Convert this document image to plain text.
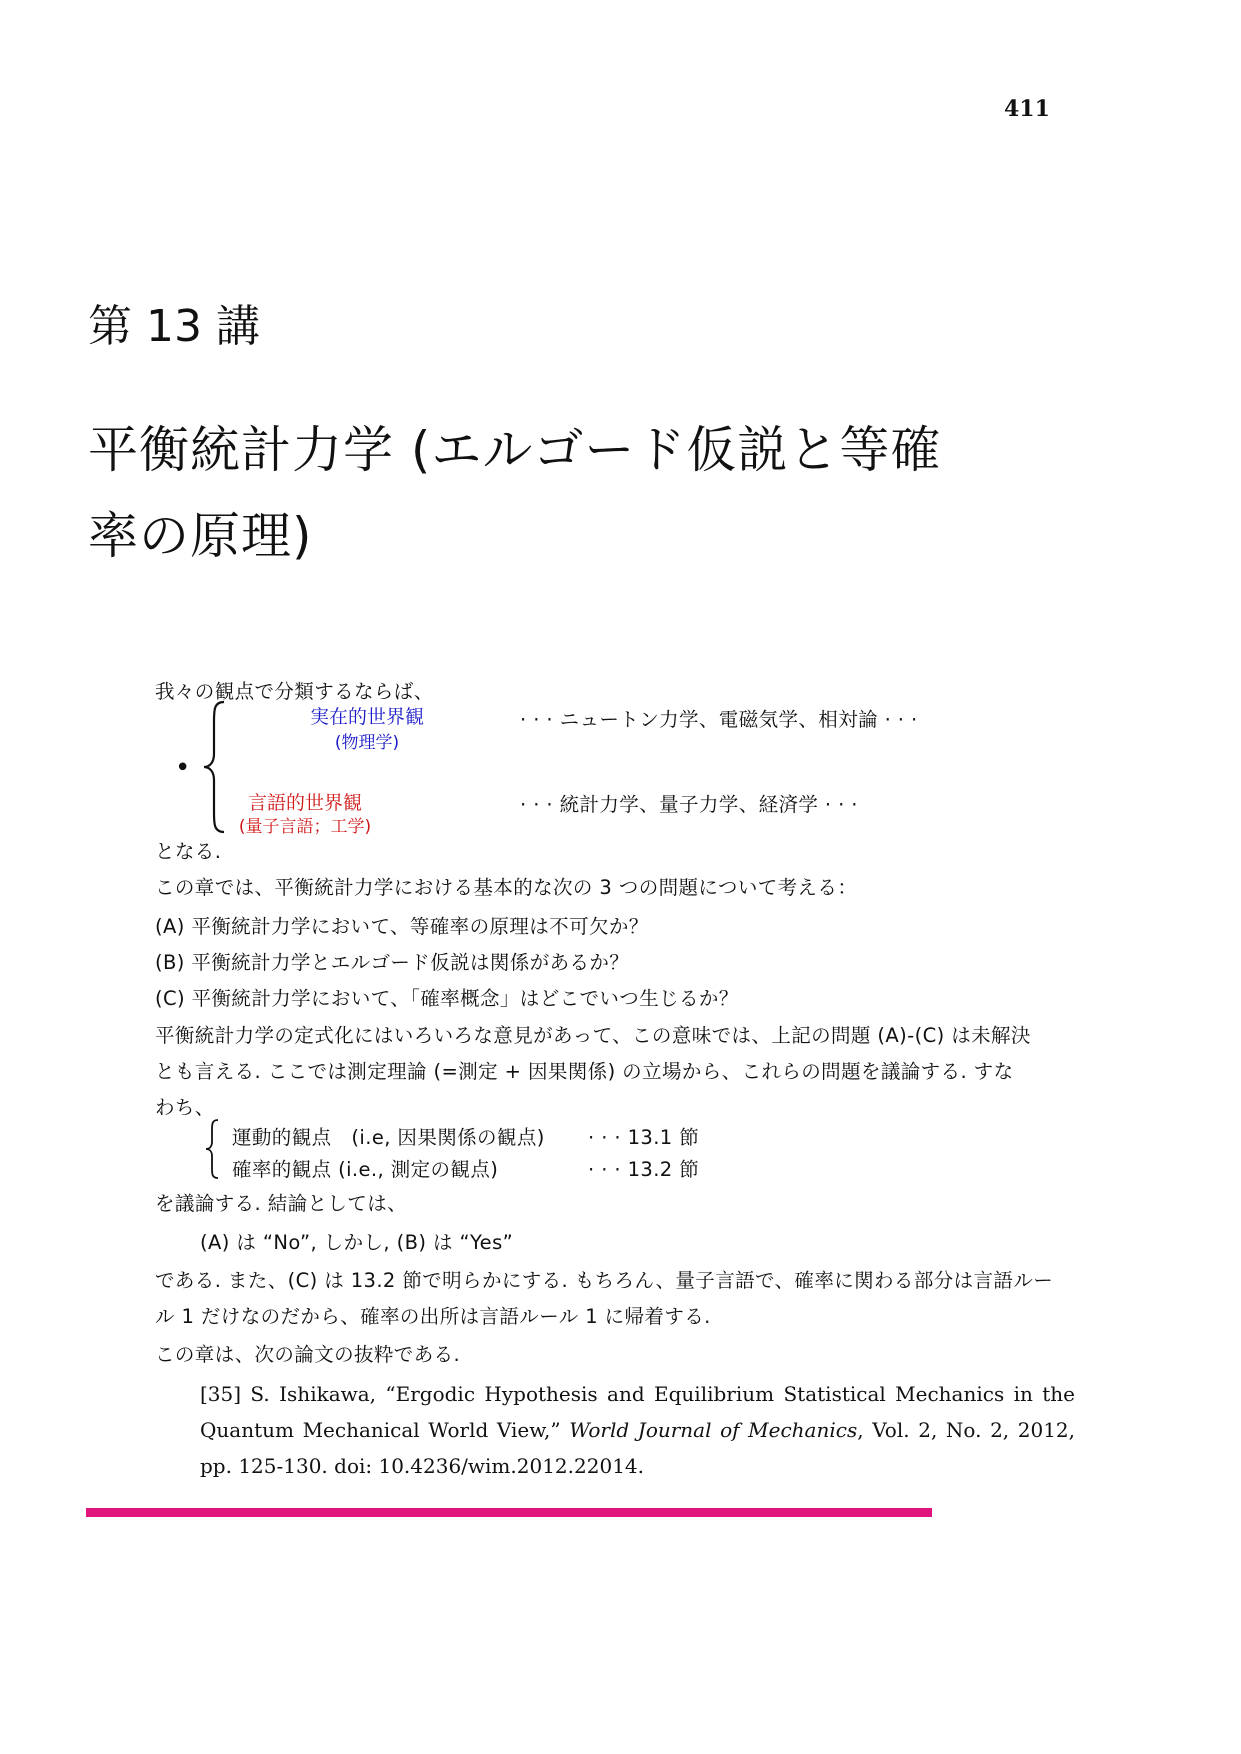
411
第 13 講
平衡統計力学 (エルゴード仮説と等確
率の原理)
我々の観点で分類するならば、
•
実在的世界観
(物理学)
· · · ニュートン力学、電磁気学、相対論 · · ·
言語的世界観
(量子言語；工学)
· · · 統計力学、量子力学、経済学 · · ·
となる.
この章では、平衡統計力学における基本的な次の 3 つの問題について考える：
(A) 平衡統計力学において、等確率の原理は不可欠か？
(B) 平衡統計力学とエルゴード仮説は関係があるか？
(C) 平衡統計力学において、「確率概念」はどこでいつ生じるか？
平衡統計力学の定式化にはいろいろな意見があって、この意味では、上記の問題 (A)-(C) は未解決
とも言える. ここでは測定理論 (=測定 + 因果関係) の立場から、これらの問題を議論する. すな
わち、
運動的観点　(i.e, 因果関係の観点) · · · 13.1 節
確率的観点 (i.e., 測定の観点)	· · · 13.2 節
を議論する. 結論としては、
(A) は “No”, しかし, (B) は “Yes”
である. また、(C) は 13.2 節で明らかにする. もちろん、量子言語で、確率に関わる部分は言語ルー
ル 1 だけなのだから、確率の出所は言語ルール 1 に帰着する.
この章は、次の論文の抜粋である.
[35] S. Ishikawa, “Ergodic Hypothesis and Equilibrium Statistical Mechanics in the Quantum Mechanical World View,” World Journal of Mechanics, Vol. 2, No. 2, 2012, pp. 125-130. doi: 10.4236/wim.2012.22014.
